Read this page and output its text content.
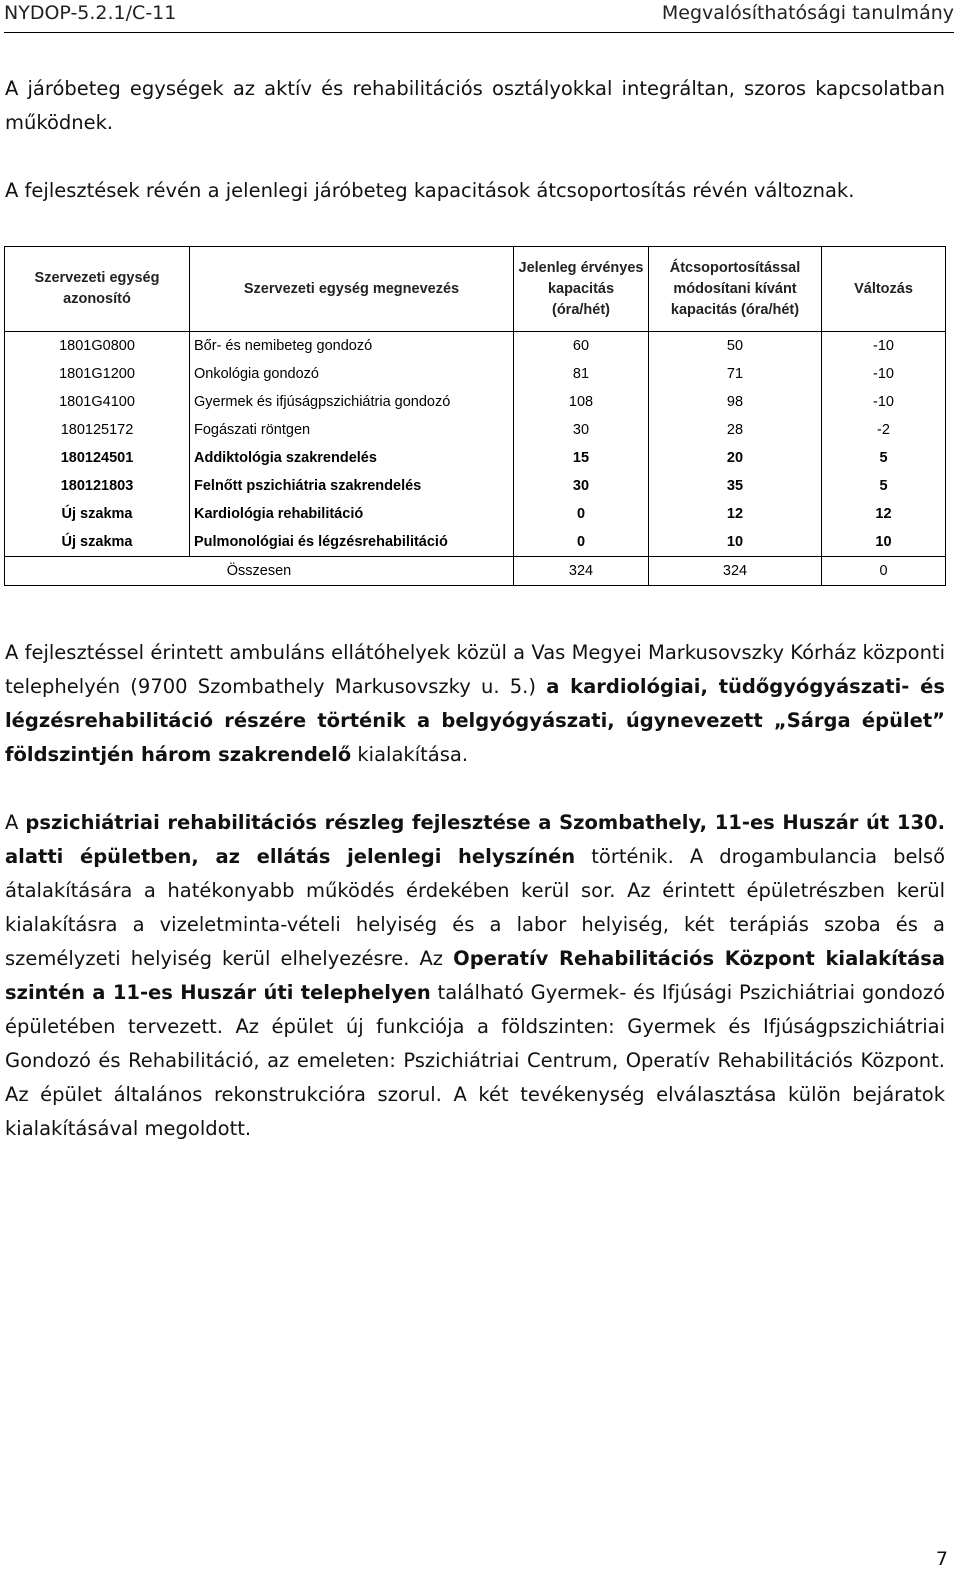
NYDOP-5.2.1/C-11	Megvalósíthatósági tanulmány
A járóbeteg egységek az aktív és rehabilitációs osztályokkal integráltan, szoros kapcsolatban működnek.
A fejlesztések révén a jelenlegi járóbeteg kapacitások átcsoportosítás révén változnak.
Szervezeti egység azonosító	Szervezeti egység megnevezés	Jelenleg érvényes kapacitás (óra/hét)	Átcsoportosítással módosítani kívánt kapacitás (óra/hét)	Változás
1801G0800	Bőr- és nemibeteg gondozó	60	50	-10
1801G1200	Onkológia gondozó	81	71	-10
1801G4100	Gyermek és ifjúságpszichiátria gondozó	108	98	-10
180125172	Fogászati röntgen	30	28	-2
180124501	Addiktológia szakrendelés	15	20	5
180121803	Felnőtt pszichiátria szakrendelés	30	35	5
Új szakma	Kardiológia rehabilitáció	0	12	12
Új szakma	Pulmonológiai és légzésrehabilitáció	0	10	10
Összesen		324	324	0
A fejlesztéssel érintett ambuláns ellátóhelyek közül a Vas Megyei Markusovszky Kórház központi telephelyén (9700 Szombathely Markusovszky u. 5.) a kardiológiai, tüdőgyógyászati- és légzésrehabilitáció részére történik a belgyógyászati, úgynevezett „Sárga épület” földszintjén három szakrendelő kialakítása.
A pszichiátriai rehabilitációs részleg fejlesztése a Szombathely, 11-es Huszár út 130. alatti épületben, az ellátás jelenlegi helyszínén történik. A drogambulancia belső átalakítására a hatékonyabb működés érdekében kerül sor. Az érintett épületrészben kerül kialakításra a vizeletminta-vételi helyiség és a labor helyiség, két terápiás szoba és a személyzeti helyiség kerül elhelyezésre. Az Operatív Rehabilitációs Központ kialakítása szintén a 11-es Huszár úti telephelyen található Gyermek- és Ifjúsági Pszichiátriai gondozó épületében tervezett. Az épület új funkciója a földszinten: Gyermek és Ifjúságpszichiátriai Gondozó és Rehabilitáció, az emeleten: Pszichiátriai Centrum, Operatív Rehabilitációs Központ. Az épület általános rekonstrukcióra szorul. A két tevékenység elválasztása külön bejáratok kialakításával megoldott.
7
